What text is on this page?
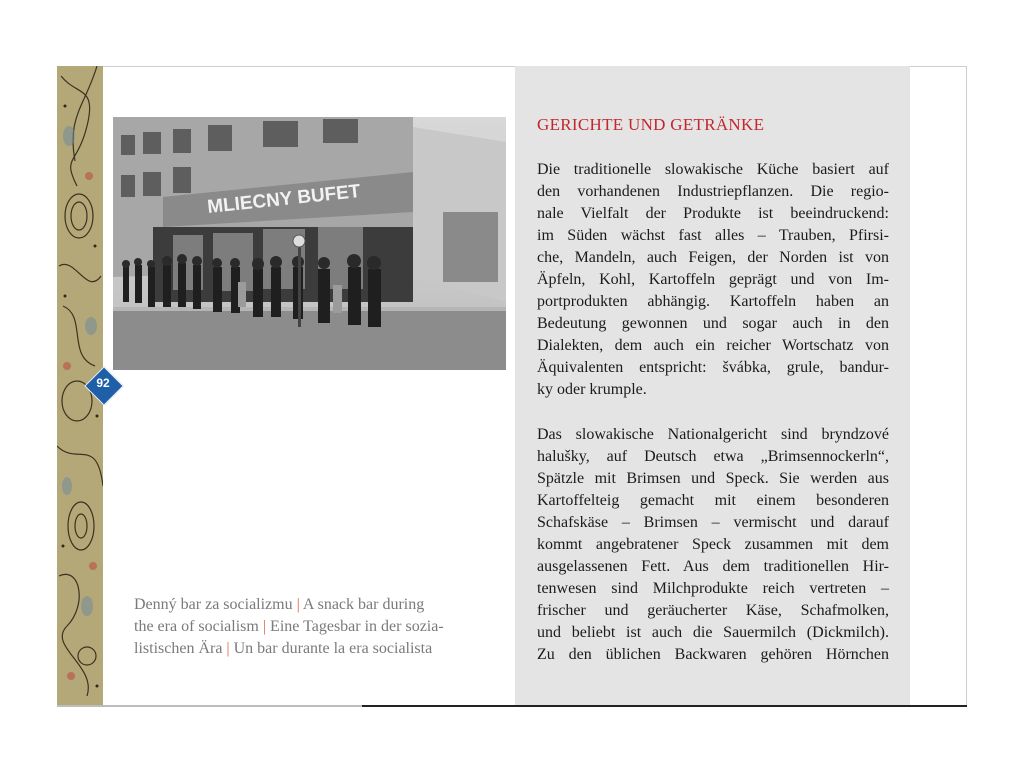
92
MLIECNY BUFET
Denný bar za socializmu | A snack bar during
the era of socialism | Eine Tagesbar in der sozia-
listischen Ära | Un bar durante la era socialista
GERICHTE UND GETRÄNKE
Die traditionelle slowakische Küche basiert auf
den vorhandenen Industriepflanzen. Die regio-
nale Vielfalt der Produkte ist beeindruckend:
im Süden wächst fast alles – Trauben, Pfirsi-
che, Mandeln, auch Feigen, der Norden ist von
Äpfeln, Kohl, Kartoffeln geprägt und von Im-
portprodukten abhängig. Kartoffeln haben an
Bedeutung gewonnen und sogar auch in den
Dialekten, dem auch ein reicher Wortschatz von
Äquivalenten entspricht: švábka, grule, bandur-
ky oder krumple.
Das slowakische Nationalgericht sind bryndzové
halušky, auf Deutsch etwa „Brimsennockerln“,
Spätzle mit Brimsen und Speck. Sie werden aus
Kartoffelteig gemacht mit einem besonderen
Schafskäse – Brimsen – vermischt und darauf
kommt angebratener Speck zusammen mit dem
ausgelassenen Fett. Aus dem traditionellen Hir-
tenwesen sind Milchprodukte reich vertreten –
frischer und geräucherter Käse, Schafmolken,
und beliebt ist auch die Sauermilch (Dickmilch).
Zu den üblichen Backwaren gehören Hörnchen
